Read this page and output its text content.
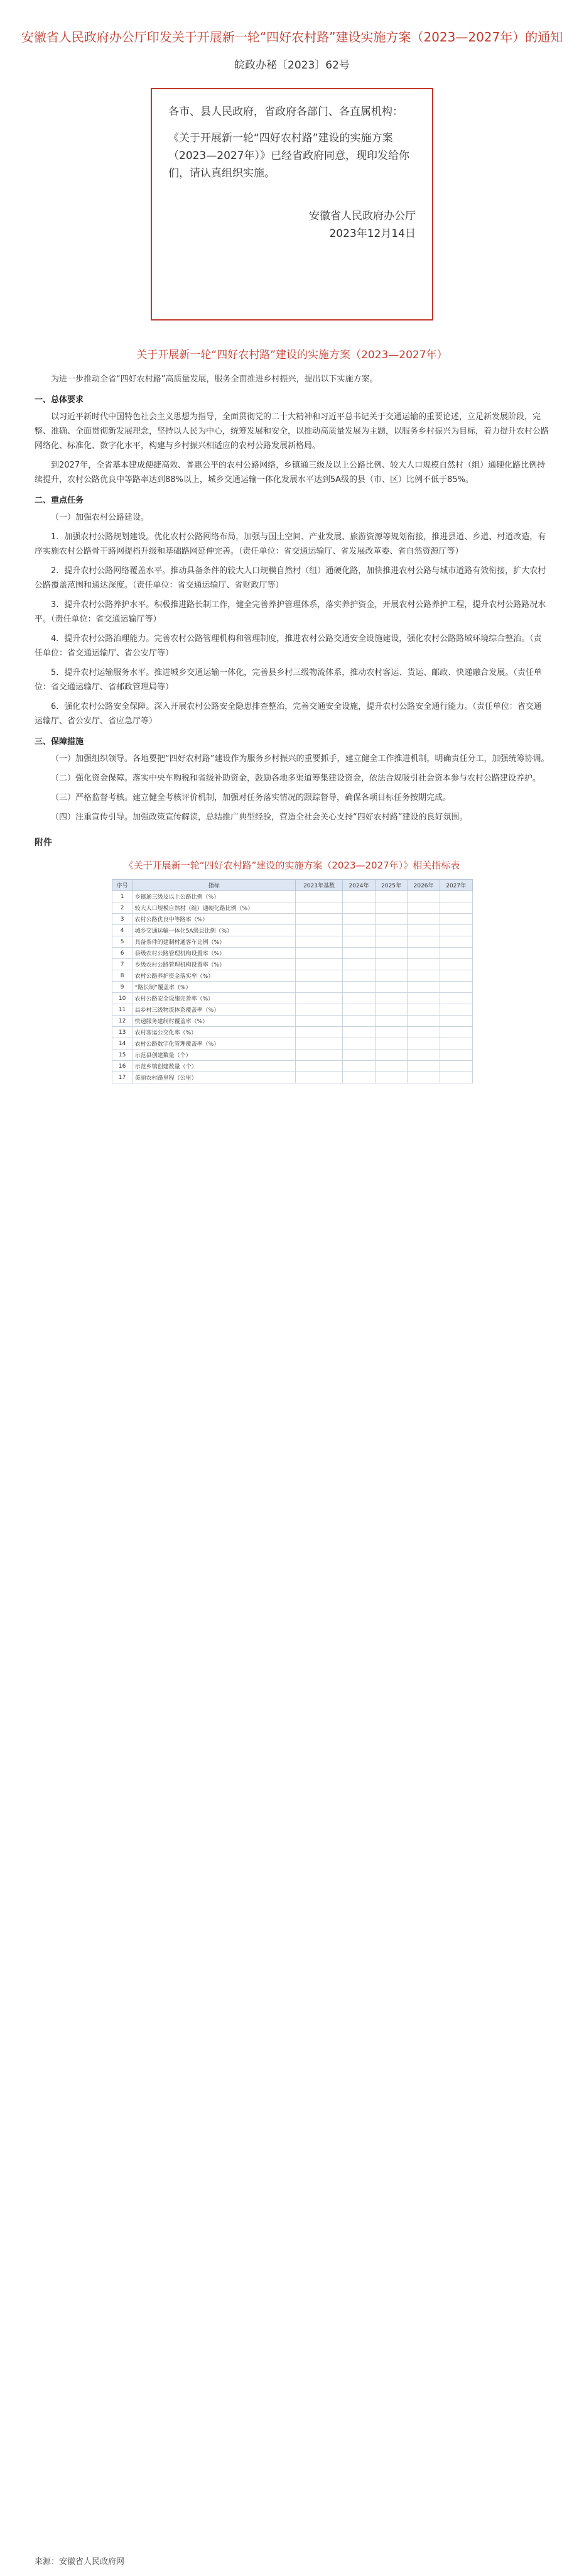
安徽省人民政府办公厅印发关于开展新一轮“四好农村路”建设实施方案（2023—2027年）的通知
皖政办秘〔2023〕62号

各市、县人民政府，省政府各部门、各直属机构：

《关于开展新一轮“四好农村路”建设的实施方案（2023—2027年）》已经省政府同意，现印发给你们，请认真组织实施。

安徽省人民政府办公厅

2023年12月14日

关于开展新一轮“四好农村路”建设的实施方案（2023—2027年）

为进一步推动全省“四好农村路”高质量发展，服务全面推进乡村振兴，提出以下实施方案。

一、总体要求

以习近平新时代中国特色社会主义思想为指导，全面贯彻党的二十大精神和习近平总书记关于交通运输的重要论述，立足新发展阶段，完整、准确、全面贯彻新发展理念，坚持以人民为中心，统筹发展和安全，以推动高质量发展为主题，以服务乡村振兴为目标，着力提升农村公路网络化、标准化、数字化水平，构建与乡村振兴相适应的农村公路发展新格局。

到2027年，全省基本建成便捷高效、普惠公平的农村公路网络，乡镇通三级及以上公路比例、较大人口规模自然村（组）通硬化路比例持续提升，农村公路优良中等路率达到88%以上，城乡交通运输一体化发展水平达到5A级的县（市、区）比例不低于85%。

二、重点任务

（一）加强农村公路建设。

1．加强农村公路规划建设。优化农村公路网络布局，加强与国土空间、产业发展、旅游资源等规划衔接，推进县道、乡道、村道改造，有序实施农村公路骨干路网提档升级和基础路网延伸完善。（责任单位：省交通运输厅、省发展改革委、省自然资源厅等）

2．提升农村公路网络覆盖水平。推动具备条件的较大人口规模自然村（组）通硬化路，加快推进农村公路与城市道路有效衔接，扩大农村公路覆盖范围和通达深度。（责任单位：省交通运输厅、省财政厅等）

3．提升农村公路养护水平。积极推进路长制工作，健全完善养护管理体系，落实养护资金，开展农村公路养护工程，提升农村公路路况水平。（责任单位：省交通运输厅等）

4．提升农村公路治理能力。完善农村公路管理机构和管理制度，推进农村公路交通安全设施建设，强化农村公路路域环境综合整治。（责任单位：省交通运输厅、省公安厅等）

5．提升农村运输服务水平。推进城乡交通运输一体化，完善县乡村三级物流体系，推动农村客运、货运、邮政、快递融合发展。（责任单位：省交通运输厅、省邮政管理局等）

6．强化农村公路安全保障。深入开展农村公路安全隐患排查整治，完善交通安全设施，提升农村公路安全通行能力。（责任单位：省交通运输厅、省公安厅、省应急厅等）

三、保障措施

（一）加强组织领导。各地要把“四好农村路”建设作为服务乡村振兴的重要抓手，建立健全工作推进机制，明确责任分工，加强统筹协调。

（二）强化资金保障。落实中央车购税和省级补助资金，鼓励各地多渠道筹集建设资金，依法合规吸引社会资本参与农村公路建设养护。

（三）严格监督考核。建立健全考核评价机制，加强对任务落实情况的跟踪督导，确保各项目标任务按期完成。

（四）注重宣传引导。加强政策宣传解读，总结推广典型经验，营造全社会关心支持“四好农村路”建设的良好氛围。

附件
《关于开展新一轮“四好农村路”建设的实施方案（2023—2027年）》相关指标表
序号	指标	2023年基数	2024年	2025年	2026年	2027年
1	乡镇通三级及以上公路比例（%）					
2	较大人口规模自然村（组）通硬化路比例（%）					
3	农村公路优良中等路率（%）					
4	城乡交通运输一体化5A级县比例（%）					
5	具备条件的建制村通客车比例（%）					
6	县级农村公路管理机构设置率（%）					
7	乡级农村公路管理机构设置率（%）					
8	农村公路养护资金落实率（%）					
9	“路长制”覆盖率（%）					
10	农村公路安全设施完善率（%）					
11	县乡村三级物流体系覆盖率（%）					
12	快递服务建制村覆盖率（%）					
13	农村客运公交化率（%）					
14	农村公路数字化管理覆盖率（%）					
15	示范县创建数量（个）					
16	示范乡镇创建数量（个）					
17	美丽农村路里程（公里）					
来源：安徽省人民政府网
